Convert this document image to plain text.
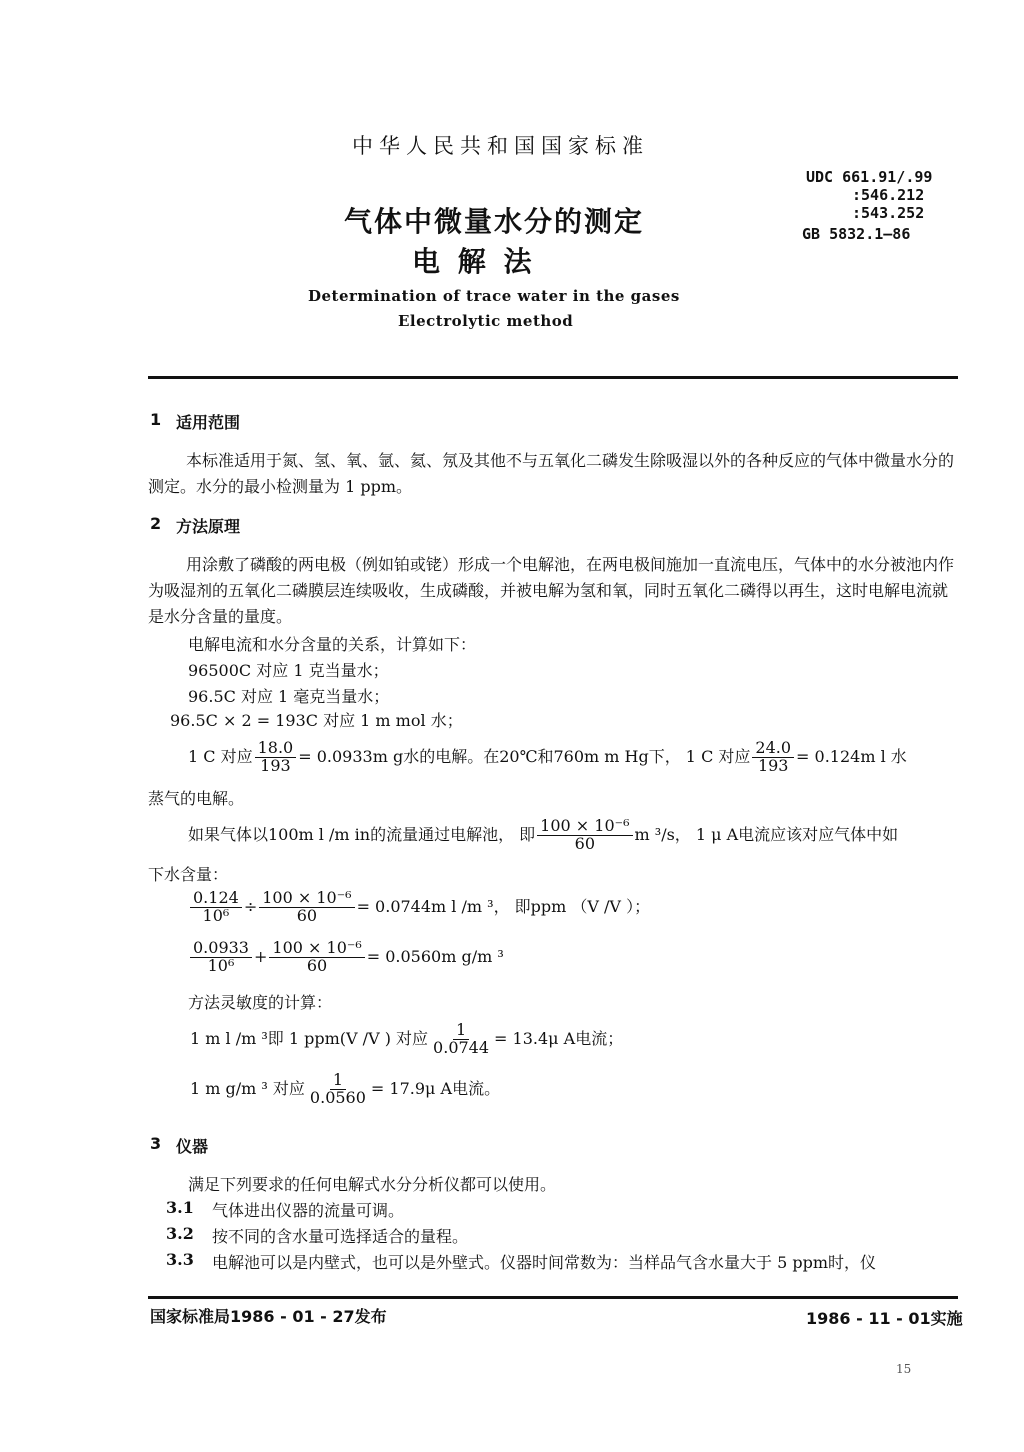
中华人民共和国国家标准
气体中微量水分的测定
电 解 法
Determination of trace water in the gases
Electrolytic method
UDC 661.91/.99
:546.212
:543.252
GB 5832.1—86
1 适用范围
本标准适用于氮、氢、氧、氩、氦、氖及其他不与五氧化二磷发生除吸湿以外的各种反应的气体中微量水分的测定。水分的最小检测量为 1 ppm。
2 方法原理
用涂敷了磷酸的两电极（例如铂或铑）形成一个电解池，在两电极间施加一直流电压，气体中的水分被池内作为吸湿剂的五氧化二磷膜层连续吸收，生成磷酸，并被电解为氢和氧，同时五氧化二磷得以再生，这时电解电流就是水分含量的量度。
电解电流和水分含量的关系，计算如下：
96500C 对应 1 克当量水；
96.5C 对应 1 毫克当量水；
96.5C × 2 = 193C 对应 1 m mol 水；
1 C 对应 $\frac{18.0}{193} = 0.0933m$ g水的电解。在20℃和760m m Hg下， 1 C 对应 $\frac{24.0}{193} = 0.124m$ l 水
蒸气的电解。
如果气体以100m l /m in的流量通过电解池， 即 $\frac{\text{100 × 10⁻⁶}}{60}$ m ³/s， 1 μ A电流应该对应气体中如
下水含量：
$\frac{0.124}{\text{10⁶}} \div \frac{\text{100 × 10⁻⁶}}{60} = 0.0744m$ l /m ³， 即ppm （V /V ）；
$\frac{0.0933}{\text{10⁶}} + \frac{\text{100 × 10⁻⁶}}{60} = 0.0560m$ g/m ³
方法灵敏度的计算：
1 m l /m ³即 1 ppm(V /V ) 对应 $\frac{1}{0.0744} = 13.4\mu$ A电流；
1 m g/m ³ 对应 $\frac{1}{0.0560} = 17.9\mu$ A电流。
3 仪器
满足下列要求的任何电解式水分分析仪都可以使用。
3.1 气体进出仪器的流量可调。
3.2 按不同的含水量可选择适合的量程。
3.3 电解池可以是内壁式，也可以是外壁式。仪器时间常数为：当样品气含水量大于 5 ppm时，仪
国家标准局1986 - 01 - 27发布	1986 - 11 - 01实施
15
